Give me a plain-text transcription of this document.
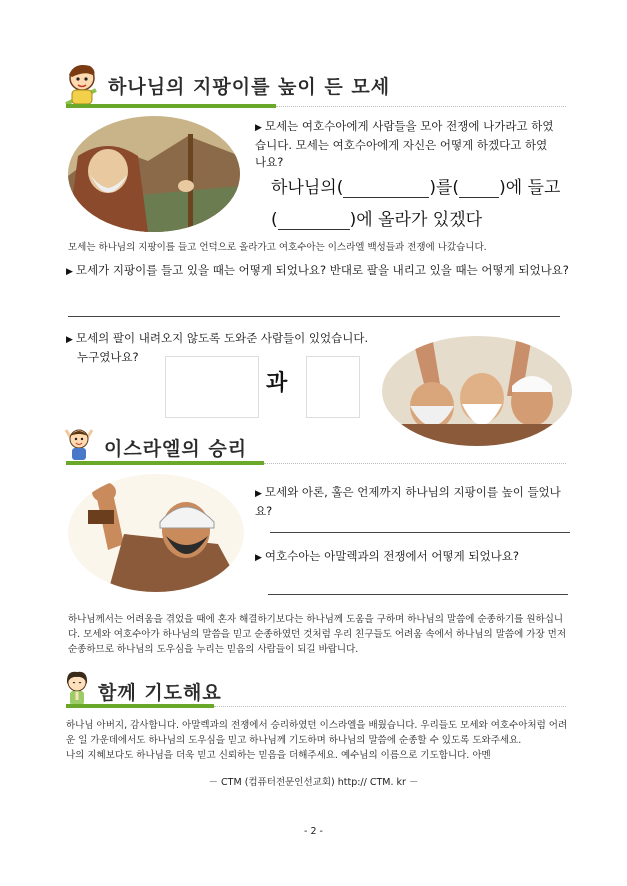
하나님의 지팡이를 높이 든 모세
▶ 모세는 여호수아에게 사람들을 모아 전쟁에 나가라고 하였습니다. 모세는 여호수아에게 자신은 어떻게 하겠다고 하였나요?
하나님의(	)를( )에 들고
(	)에 올라가 있겠다
모세는 하나님의 지팡이를 들고 언덕으로 올라가고 여호수아는 이스라엘 백성들과 전쟁에 나갔습니다.
▶ 모세가 지팡이를 들고 있을 때는 어떻게 되었나요? 반대로 팔을 내리고 있을 때는 어떻게 되었나요?
▶ 모세의 팔이 내려오지 않도록 도와준 사람들이 있었습니다.
누구였나요?
과
이스라엘의 승리
▶ 모세와 아론, 훌은 언제까지 하나님의 지팡이를 높이 들었나요?
▶ 여호수아는 아말렉과의 전쟁에서 어떻게 되었나요?
하나님께서는 어려움을 겪었을 때에 혼자 해결하기보다는 하나님께 도움을 구하며 하나님의 말씀에 순종하기를 원하십니다. 모세와 여호수아가 하나님의 말씀을 믿고 순종하였던 것처럼 우리 친구들도 어려움 속에서 하나님의 말씀에 가장 먼저 순종하므로 하나님의 도우심을 누리는 믿음의 사람들이 되길 바랍니다.
함께 기도해요
하나님 아버지, 감사합니다. 아말렉과의 전쟁에서 승리하였던 이스라엘을 배웠습니다. 우리들도 모세와 여호수아처럼 어려운 일 가운데에서도 하나님의 도우심을 믿고 하나님께 기도하며 하나님의 말씀에 순종할 수 있도록 도와주세요.
나의 지혜보다도 하나님을 더욱 믿고 신뢰하는 믿음을 더해주세요. 예수님의 이름으로 기도합니다. 아멘
－ CTM (컴퓨터전문인선교회) http:// CTM. kr －
- 2 -
